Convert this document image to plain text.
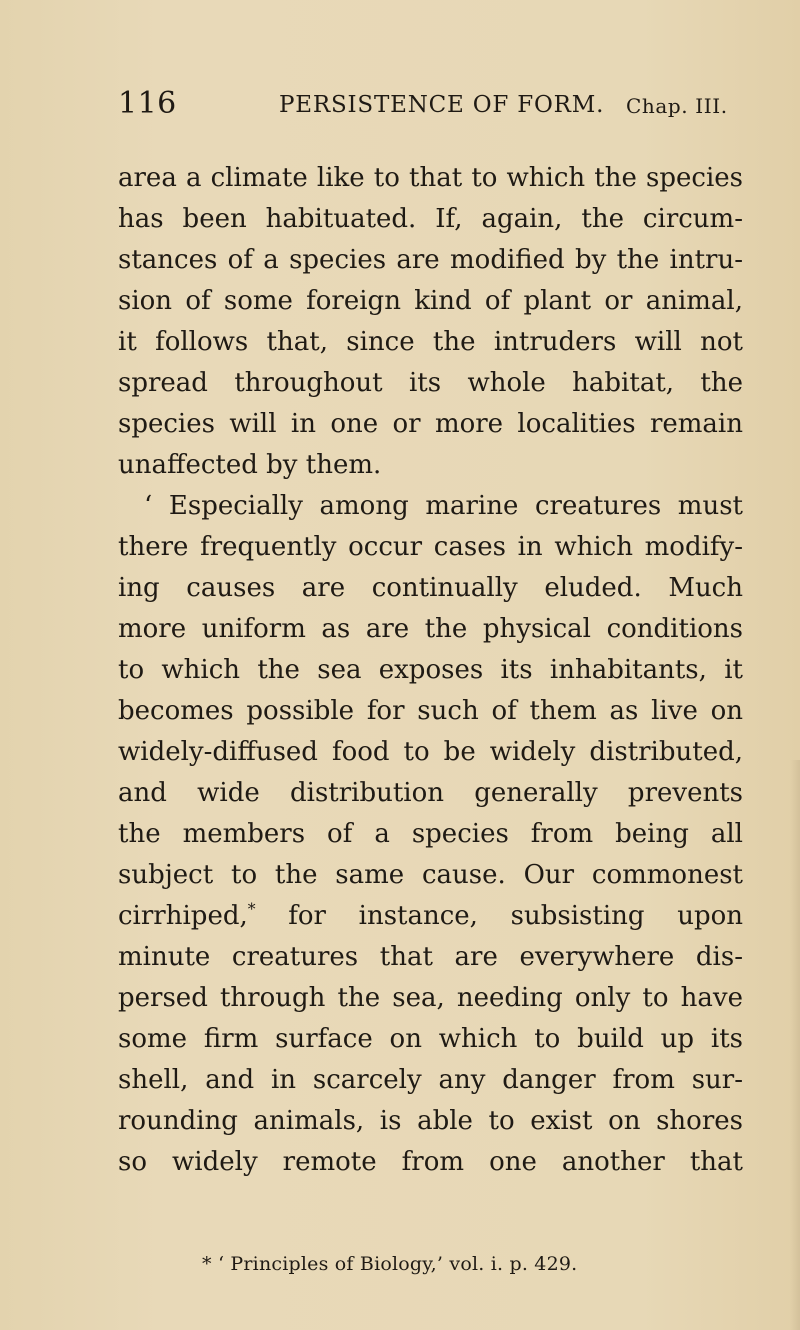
116	PERSISTENCE OF FORM. Chap. III.
area a climate like to that to which the species
has been habituated. If, again, the circum-
stances of a species are modified by the intru-
sion of some foreign kind of plant or animal,
it follows that, since the intruders will not
spread throughout its whole habitat, the
species will in one or more localities remain
unaffected by them.
‘ Especially among marine creatures must
there frequently occur cases in which modify-
ing causes are continually eluded. Much
more uniform as are the physical conditions
to which the sea exposes its inhabitants, it
becomes possible for such of them as live on
widely-diffused food to be widely distributed,
and wide distribution generally prevents
the members of a species from being all
subject to the same cause. Our commonest
cirrhiped,* for instance, subsisting upon
minute creatures that are everywhere dis-
persed through the sea, needing only to have
some firm surface on which to build up its
shell, and in scarcely any danger from sur-
rounding animals, is able to exist on shores
so widely remote from one another that
* ‘ Principles of Biology,’ vol. i. p. 429.
